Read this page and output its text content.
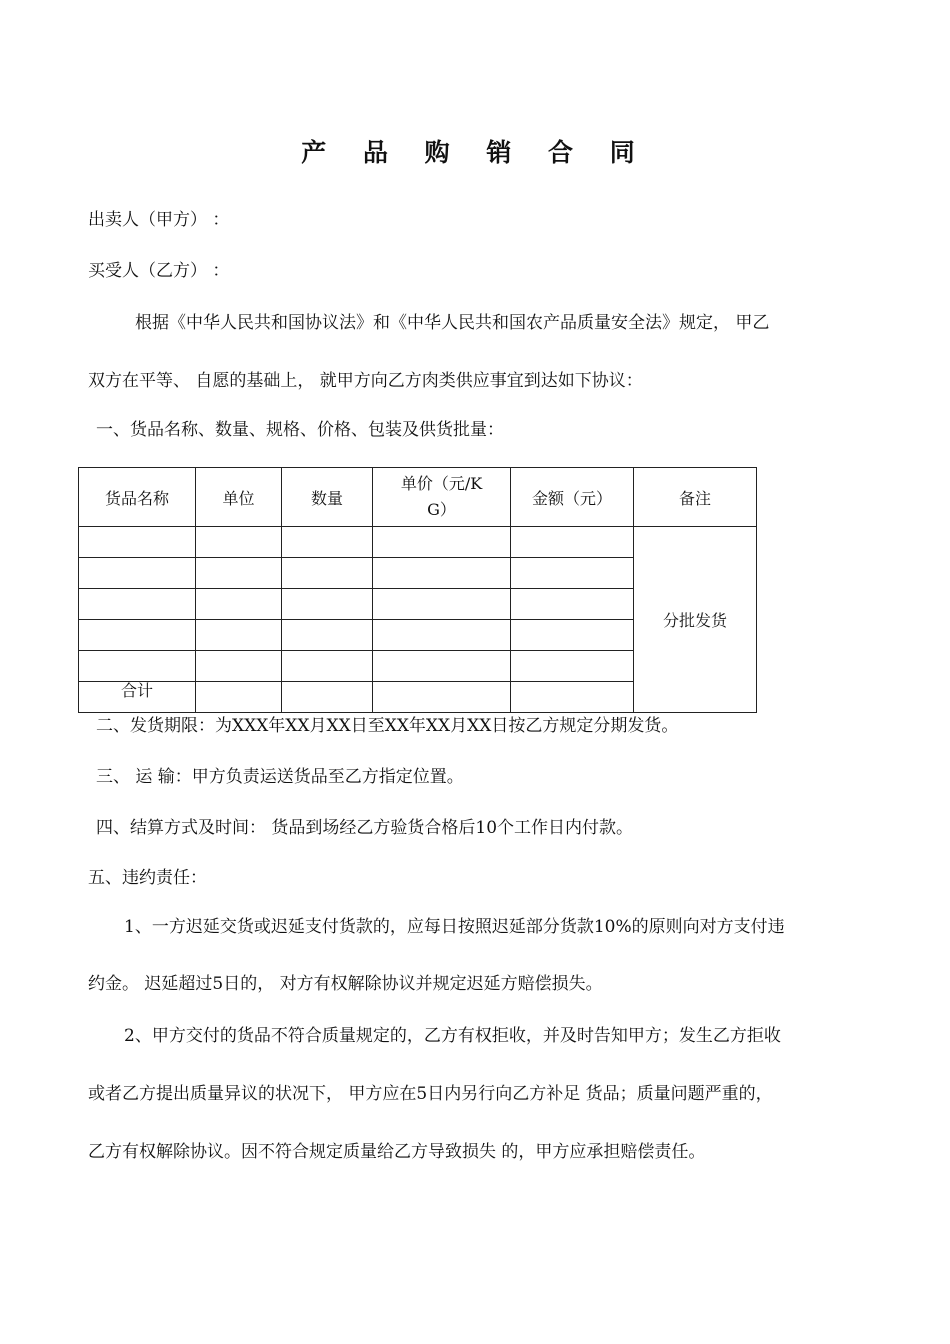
产 品 购 销 合 同
出卖人（甲方） ：
买受人（乙方） ：
根据《中华人民共和国协议法》和《中华人民共和国农产品质量安全法》规定， 甲乙
双方在平等、 自愿的基础上， 就甲方向乙方肉类供应事宜到达如下协议：
一、货品名称、数量、规格、价格、包装及供货批量：
货品名称	单位	数量	单价（元/KG）	金额（元）	备注
					分批发货

合计					
二、发货期限：为XXX年XX月XX日至XX年XX月XX日按乙方规定分期发货。
三、 运 输：甲方负责运送货品至乙方指定位置。
四、结算方式及时间： 货品到场经乙方验货合格后10个工作日内付款。
五、违约责任：
1、一方迟延交货或迟延支付货款的，应每日按照迟延部分货款10%的原则向对方支付违
约金。 迟延超过5日的， 对方有权解除协议并规定迟延方赔偿损失。
2、甲方交付的货品不符合质量规定的，乙方有权拒收，并及时告知甲方；发生乙方拒收
或者乙方提出质量异议的状况下， 甲方应在5日内另行向乙方补足 货品；质量问题严重的，
乙方有权解除协议。因不符合规定质量给乙方导致损失 的，甲方应承担赔偿责任。
